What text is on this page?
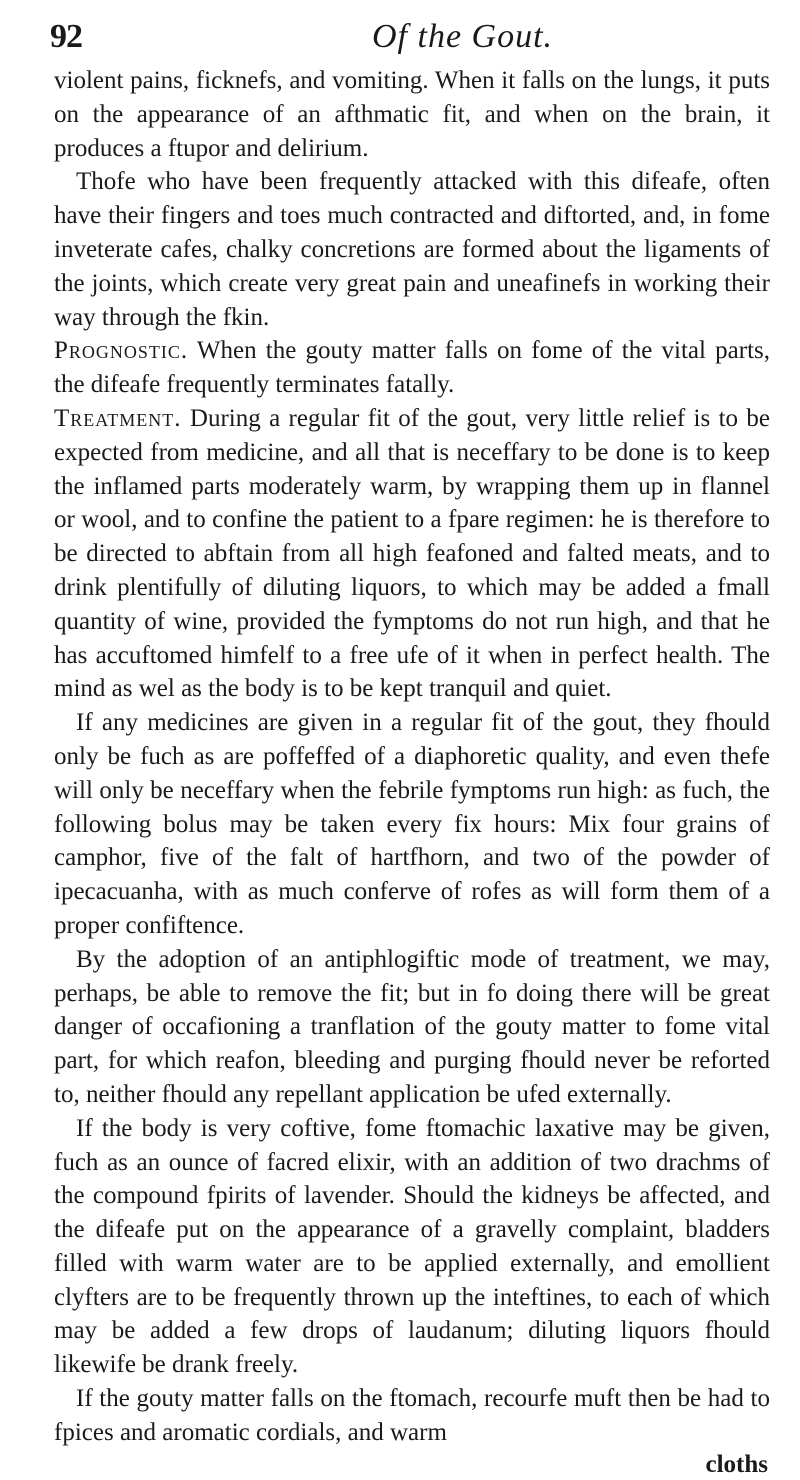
92	Of the Gout.

violent pains, ficknefs, and vomiting. When it falls on the lungs, it puts on the appearance of an afthmatic fit, and when on the brain, it produces a ftupor and delirium.

Thofe who have been frequently attacked with this difeafe, often have their fingers and toes much contracted and diftorted, and, in fome inveterate cafes, chalky concretions are formed about the ligaments of the joints, which create very great pain and uneafinefs in working their way through the fkin.

Prognostic. When the gouty matter falls on fome of the vital parts, the difeafe frequently terminates fatally.

Treatment. During a regular fit of the gout, very little relief is to be expected from medicine, and all that is neceffary to be done is to keep the inflamed parts moderately warm, by wrapping them up in flannel or wool, and to confine the patient to a fpare regimen: he is therefore to be directed to abftain from all high feafoned and falted meats, and to drink plentifully of diluting liquors, to which may be added a fmall quantity of wine, provided the fymptoms do not run high, and that he has accuftomed himfelf to a free ufe of it when in perfect health. The mind as wel as the body is to be kept tranquil and quiet.

If any medicines are given in a regular fit of the gout, they fhould only be fuch as are poffeffed of a diaphoretic quality, and even thefe will only be neceffary when the febrile fymptoms run high: as fuch, the following bolus may be taken every fix hours: Mix four grains of camphor, five of the falt of hartfhorn, and two of the powder of ipecacuanha, with as much conferve of rofes as will form them of a proper confiftence.

By the adoption of an antiphlogiftic mode of treatment, we may, perhaps, be able to remove the fit; but in fo doing there will be great danger of occafioning a tranflation of the gouty matter to fome vital part, for which reafon, bleeding and purging fhould never be reforted to, neither fhould any repellant application be ufed externally.

If the body is very coftive, fome ftomachic laxative may be given, fuch as an ounce of facred elixir, with an addition of two drachms of the compound fpirits of lavender. Should the kidneys be affected, and the difeafe put on the appearance of a gravelly complaint, bladders filled with warm water are to be applied externally, and emollient clyfters are to be frequently thrown up the inteftines, to each of which may be added a few drops of laudanum; diluting liquors fhould likewife be drank freely.

If the gouty matter falls on the ftomach, recourfe muft then be had to fpices and aromatic cordials, and warm

cloths
